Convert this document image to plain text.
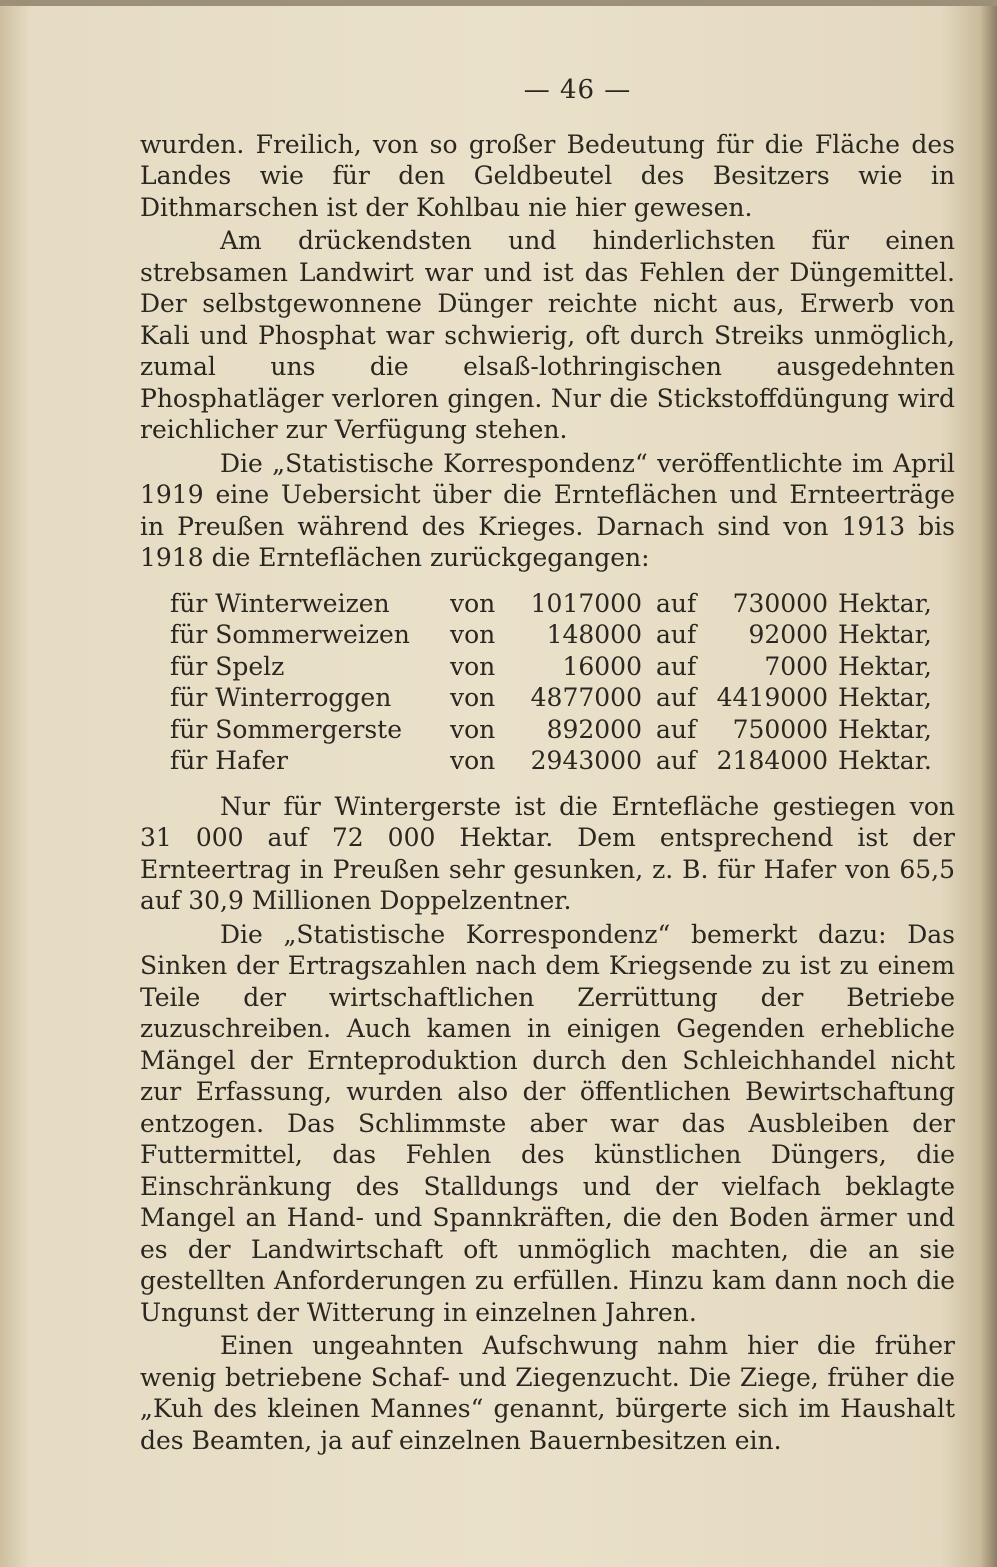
— 46 —

wurden. Freilich, von so großer Bedeutung für die Fläche des Landes wie für den Geldbeutel des Besitzers wie in Dithmarschen ist der Kohlbau nie hier gewesen.

Am drückendsten und hinderlichsten für einen strebsamen Landwirt war und ist das Fehlen der Düngemittel. Der selbstgewonnene Dünger reichte nicht aus, Erwerb von Kali und Phosphat war schwierig, oft durch Streiks unmöglich, zumal uns die elsaß-lothringischen ausgedehnten Phosphatläger verloren gingen. Nur die Stickstoffdüngung wird reichlicher zur Verfügung stehen.

Die „Statistische Korrespondenz“ veröffentlichte im April 1919 eine Uebersicht über die Ernteflächen und Ernteerträge in Preußen während des Krieges. Darnach sind von 1913 bis 1918 die Ernteflächen zurückgegangen:

für Winterweizen	von	1017000	auf	730000	Hektar,
für Sommerweizen	von	148000	auf	92000	Hektar,
für Spelz	von	16000	auf	7000	Hektar,
für Winterroggen	von	4877000	auf	4419000	Hektar,
für Sommergerste	von	892000	auf	750000	Hektar,
für Hafer	von	2943000	auf	2184000	Hektar.

Nur für Wintergerste ist die Erntefläche gestiegen von 31 000 auf 72 000 Hektar. Dem entsprechend ist der Ernteertrag in Preußen sehr gesunken, z. B. für Hafer von 65,5 auf 30,9 Millionen Doppelzentner.

Die „Statistische Korrespondenz“ bemerkt dazu: Das Sinken der Ertragszahlen nach dem Kriegsende zu ist zu einem Teile der wirtschaftlichen Zerrüttung der Betriebe zuzuschreiben. Auch kamen in einigen Gegenden erhebliche Mängel der Ernteproduktion durch den Schleichhandel nicht zur Erfassung, wurden also der öffentlichen Bewirtschaftung entzogen. Das Schlimmste aber war das Ausbleiben der Futtermittel, das Fehlen des künstlichen Düngers, die Einschränkung des Stalldungs und der vielfach beklagte Mangel an Hand- und Spannkräften, die den Boden ärmer und es der Landwirtschaft oft unmöglich machten, die an sie gestellten Anforderungen zu erfüllen. Hinzu kam dann noch die Ungunst der Witterung in einzelnen Jahren.

Einen ungeahnten Aufschwung nahm hier die früher wenig betriebene Schaf- und Ziegenzucht. Die Ziege, früher die „Kuh des kleinen Mannes“ genannt, bürgerte sich im Haushalt des Beamten, ja auf einzelnen Bauernbesitzen ein.
